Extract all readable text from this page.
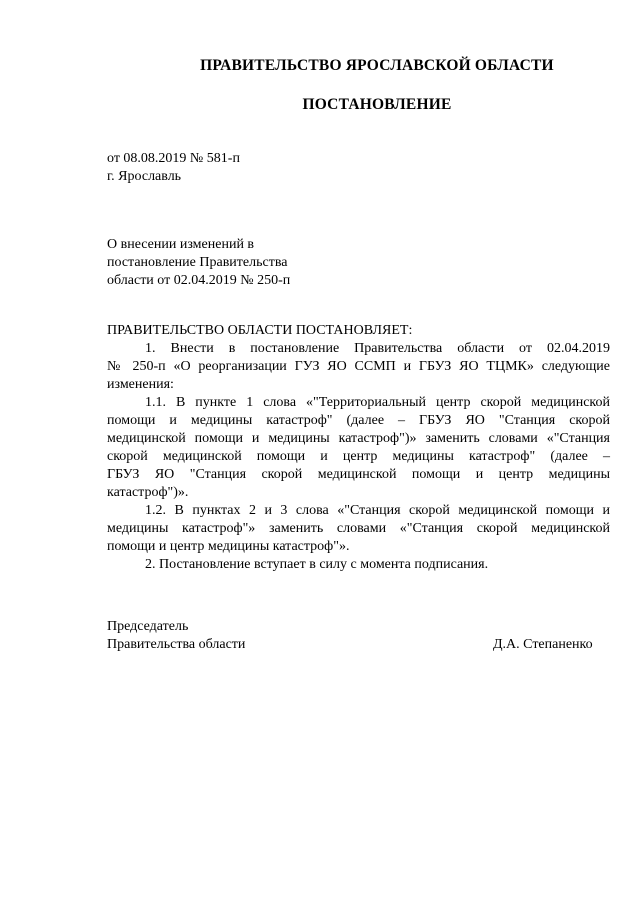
ПРАВИТЕЛЬСТВО ЯРОСЛАВСКОЙ ОБЛАСТИ
ПОСТАНОВЛЕНИЕ
от 08.08.2019 № 581-п
г. Ярославль
О внесении изменений в
постановление Правительства
области от 02.04.2019 № 250-п
ПРАВИТЕЛЬСТВО ОБЛАСТИ ПОСТАНОВЛЯЕТ:
1. Внести в постановление Правительства области от 02.04.2019
№ 250-п «О реорганизации ГУЗ ЯО ССМП и ГБУЗ ЯО ТЦМК» следующие
изменения:
1.1. В пункте 1 слова «"Территориальный центр скорой медицинской
помощи и медицины катастроф" (далее – ГБУЗ ЯО "Станция скорой
медицинской помощи и медицины катастроф")» заменить словами «"Станция
скорой медицинской помощи и центр медицины катастроф" (далее –
ГБУЗ ЯО "Станция скорой медицинской помощи и центр медицины
катастроф")».
1.2. В пунктах 2 и 3 слова «"Станция скорой медицинской помощи и
медицины катастроф"» заменить словами «"Станция скорой медицинской
помощи и центр медицины катастроф"».
2. Постановление вступает в силу с момента подписания.
Председатель
Правительства области	Д.А. Степаненко
